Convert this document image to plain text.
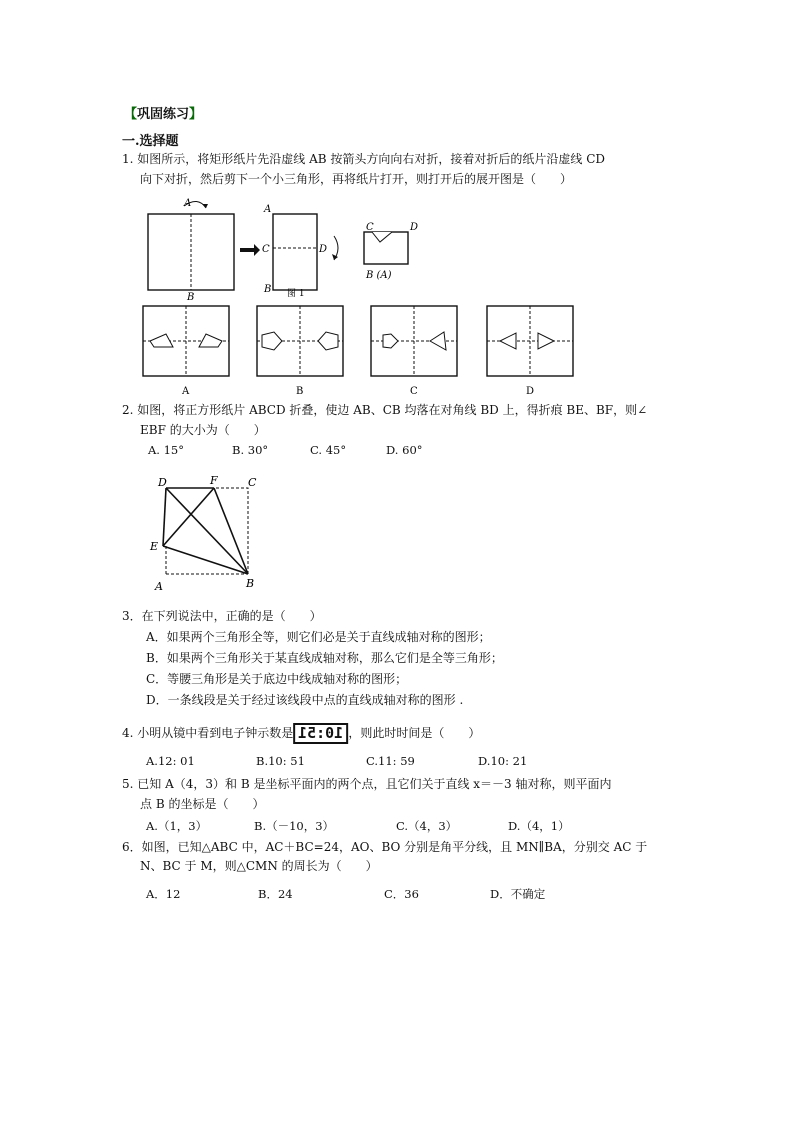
【巩固练习】
一.选择题
1. 如图所示，将矩形纸片先沿虚线 AB 按箭头方向向右对折，接着对折后的纸片沿虚线 CD
向下对折，然后剪下一个小三角形，再将纸片打开，则打开后的展开图是（　　）
A
B
A
C	D
B 图 1
C	D
B (A)
A	B	C	D
2. 如图，将正方形纸片 ABCD 折叠，使边 AB、CB 均落在对角线 BD 上，得折痕 BE、BF，则∠
EBF 的大小为（　　）
A. 15°	B. 30°	C. 45°	D. 60°
D	F	C
E
A	B
3．在下列说法中，正确的是（　　）
A．如果两个三角形全等，则它们必是关于直线成轴对称的图形；
B．如果两个三角形关于某直线成轴对称，那么它们是全等三角形；
C．等腰三角形是关于底边中线成轴对称的图形；
D．一条线段是关于经过该线段中点的直线成轴对称的图形 .
4. 小明从镜中看到电子钟示数是 10:51 ，则此时时间是（　　）
A.12: 01	B.10: 51	C.11: 59	D.10: 21
5. 已知 A（4，3）和 B 是坐标平面内的两个点，且它们关于直线 x＝－3 轴对称，则平面内
点 B 的坐标是（　　）
A.（1，3）	B.（－10，3）	C.（4，3）	D.（4，1）
6．如图，已知△ABC 中，AC＋BC=24，AO、BO 分别是角平分线，且 MN∥BA，分别交 AC 于
N、BC 于 M，则△CMN 的周长为（　　）
A．12	B．24	C．36	D．不确定
